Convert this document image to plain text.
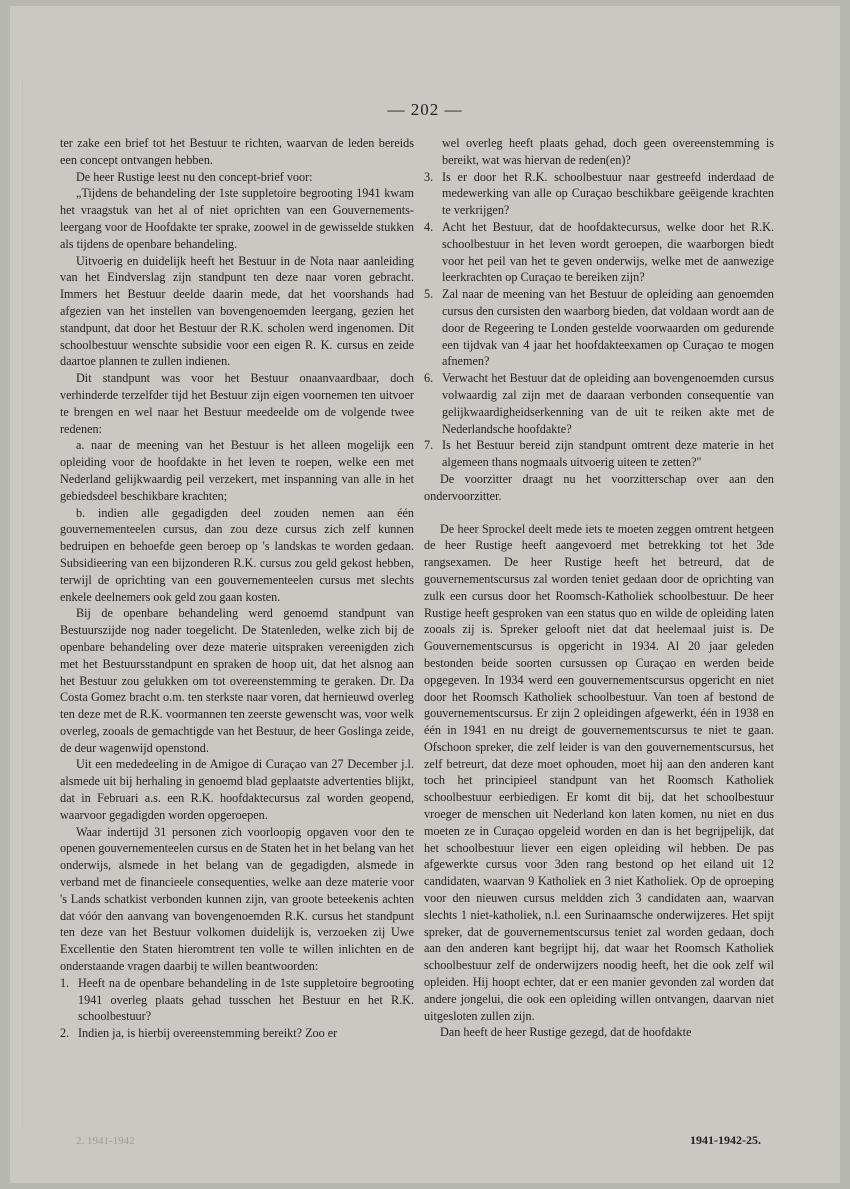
— 202 —

ter zake een brief tot het Bestuur te richten, waarvan de leden bereids een concept ontvangen hebben.

De heer Rustige leest nu den concept-brief voor:

„Tijdens de behandeling der 1ste suppletoire begrooting 1941 kwam het vraagstuk van het al of niet oprichten van een Gouvernements-leergang voor de Hoofdakte ter sprake, zoowel in de gewisselde stukken als tijdens de openbare behandeling.

Uitvoerig en duidelijk heeft het Bestuur in de Nota naar aanleiding van het Eindverslag zijn standpunt ten deze naar voren gebracht. Immers het Bestuur deelde daarin mede, dat het voorshands had afgezien van het instellen van bovengenoemden leergang, gezien het standpunt, dat door het Bestuur der R.K. scholen werd ingenomen. Dit schoolbestuur wenschte subsidie voor een eigen R. K. cursus en zeide daartoe plannen te zullen indienen.

Dit standpunt was voor het Bestuur onaanvaardbaar, doch verhinderde terzelfder tijd het Bestuur zijn eigen voornemen ten uitvoer te brengen en wel naar het Bestuur meedeelde om de volgende twee redenen:

a. naar de meening van het Bestuur is het alleen mogelijk een opleiding voor de hoofdakte in het leven te roepen, welke een met Nederland gelijkwaardig peil verzekert, met inspanning van alle in het gebiedsdeel beschikbare krachten;

b. indien alle gegadigden deel zouden nemen aan één gouvernementeelen cursus, dan zou deze cursus zich zelf kunnen bedruipen en behoefde geen beroep op 's landskas te worden gedaan. Subsidieering van een bijzonderen R.K. cursus zou geld gekost hebben, terwijl de oprichting van een gouvernementeelen cursus met slechts enkele deelnemers ook geld zou gaan kosten.

Bij de openbare behandeling werd genoemd standpunt van Bestuurszijde nog nader toegelicht. De Statenleden, welke zich bij de openbare behandeling over deze materie uitspraken vereenigden zich met het Bestuursstandpunt en spraken de hoop uit, dat het alsnog aan het Bestuur zou gelukken om tot overeenstemming te geraken. Dr. Da Costa Gomez bracht o.m. ten sterkste naar voren, dat hernieuwd overleg ten deze met de R.K. voormannen ten zeerste gewenscht was, voor welk overleg, zooals de gemachtigde van het Bestuur, de heer Goslinga zeide, de deur wagenwijd openstond.

Uit een mededeeling in de Amigoe di Curaçao van 27 December j.l. alsmede uit bij herhaling in genoemd blad geplaatste advertenties blijkt, dat in Februari a.s. een R.K. hoofdaktecursus zal worden geopend, waarvoor gegadigden worden opgeroepen.

Waar indertijd 31 personen zich voorloopig opgaven voor den te openen gouvernementeelen cursus en de Staten het in het belang van het onderwijs, alsmede in het belang van de gegadigden, alsmede in verband met de financieele consequenties, welke aan deze materie voor 's Lands schatkist verbonden kunnen zijn, van groote beteekenis achten dat vóór den aanvang van bovengenoemden R.K. cursus het standpunt ten deze van het Bestuur volkomen duidelijk is, verzoeken zij Uwe Excellentie den Staten hieromtrent ten volle te willen inlichten en de onderstaande vragen daarbij te willen beantwoorden:

1. Heeft na de openbare behandeling in de 1ste suppletoire begrooting 1941 overleg plaats gehad tusschen het Bestuur en het R.K. schoolbestuur?
2. Indien ja, is hierbij overeenstemming bereikt? Zoo er
wel overleg heeft plaats gehad, doch geen overeenstemming is bereikt, wat was hiervan de reden(en)?
3. Is er door het R.K. schoolbestuur naar gestreefd inderdaad de medewerking van alle op Curaçao beschikbare geëigende krachten te verkrijgen?
4. Acht het Bestuur, dat de hoofdaktecursus, welke door het R.K. schoolbestuur in het leven wordt geroepen, die waarborgen biedt voor het peil van het te geven onderwijs, welke met de aanwezige leerkrachten op Curaçao te bereiken zijn?
5. Zal naar de meening van het Bestuur de opleiding aan genoemden cursus den cursisten den waarborg bieden, dat voldaan wordt aan de door de Regeering te Londen gestelde voorwaarden om gedurende een tijdvak van 4 jaar het hoofdakteexamen op Curaçao te mogen afnemen?
6. Verwacht het Bestuur dat de opleiding aan bovengenoemden cursus volwaardig zal zijn met de daaraan verbonden consequentie van gelijkwaardigheidserkenning van de uit te reiken akte met de Nederlandsche hoofdakte?
7. Is het Bestuur bereid zijn standpunt omtrent deze materie in het algemeen thans nogmaals uitvoerig uiteen te zetten?"

De voorzitter draagt nu het voorzitterschap over aan den ondervoorzitter.

De heer Sprockel deelt mede iets te moeten zeggen omtrent hetgeen de heer Rustige heeft aangevoerd met betrekking tot het 3de rangsexamen. De heer Rustige heeft het betreurd, dat de gouvernementscursus zal worden teniet gedaan door de oprichting van zulk een cursus door het Roomsch-Katholiek schoolbestuur. De heer Rustige heeft gesproken van een status quo en wilde de opleiding laten zooals zij is. Spreker gelooft niet dat dat heelemaal juist is. De Gouvernementscursus is opgericht in 1934. Al 20 jaar geleden bestonden beide soorten cursussen op Curaçao en werden beide opgegeven. In 1934 werd een gouvernementscursus opgericht en niet door het Roomsch Katholiek schoolbestuur. Van toen af bestond de gouvernementscursus. Er zijn 2 opleidingen afgewerkt, één in 1938 en één in 1941 en nu dreigt de gouvernementscursus te niet te gaan. Ofschoon spreker, die zelf leider is van den gouvernementscursus, het zelf betreurt, dat deze moet ophouden, moet hij aan den anderen kant toch het principieel standpunt van het Roomsch Katholiek schoolbestuur eerbiedigen. Er komt dit bij, dat het schoolbestuur vroeger de menschen uit Nederland kon laten komen, nu niet en dus moeten ze in Curaçao opgeleid worden en dan is het begrijpelijk, dat het schoolbestuur liever een eigen opleiding wil hebben. De pas afgewerkte cursus voor 3den rang bestond op het eiland uit 12 candidaten, waarvan 9 Katholiek en 3 niet Katholiek. Op de oproeping voor den nieuwen cursus meldden zich 3 candidaten aan, waarvan slechts 1 niet-katholiek, n.l. een Surinaamsche onderwijzeres. Het spijt spreker, dat de gouvernementscursus teniet zal worden gedaan, doch aan den anderen kant begrijpt hij, dat waar het Roomsch Katholiek schoolbestuur zelf de onderwijzers noodig heeft, het die ook zelf wil opleiden. Hij hoopt echter, dat er een manier gevonden zal worden dat andere jongelui, die ook een opleiding willen ontvangen, daarvan niet uitgesloten zullen zijn.

Dan heeft de heer Rustige gezegd, dat de hoofdakte

2. 1941-1942	1941-1942-25.
